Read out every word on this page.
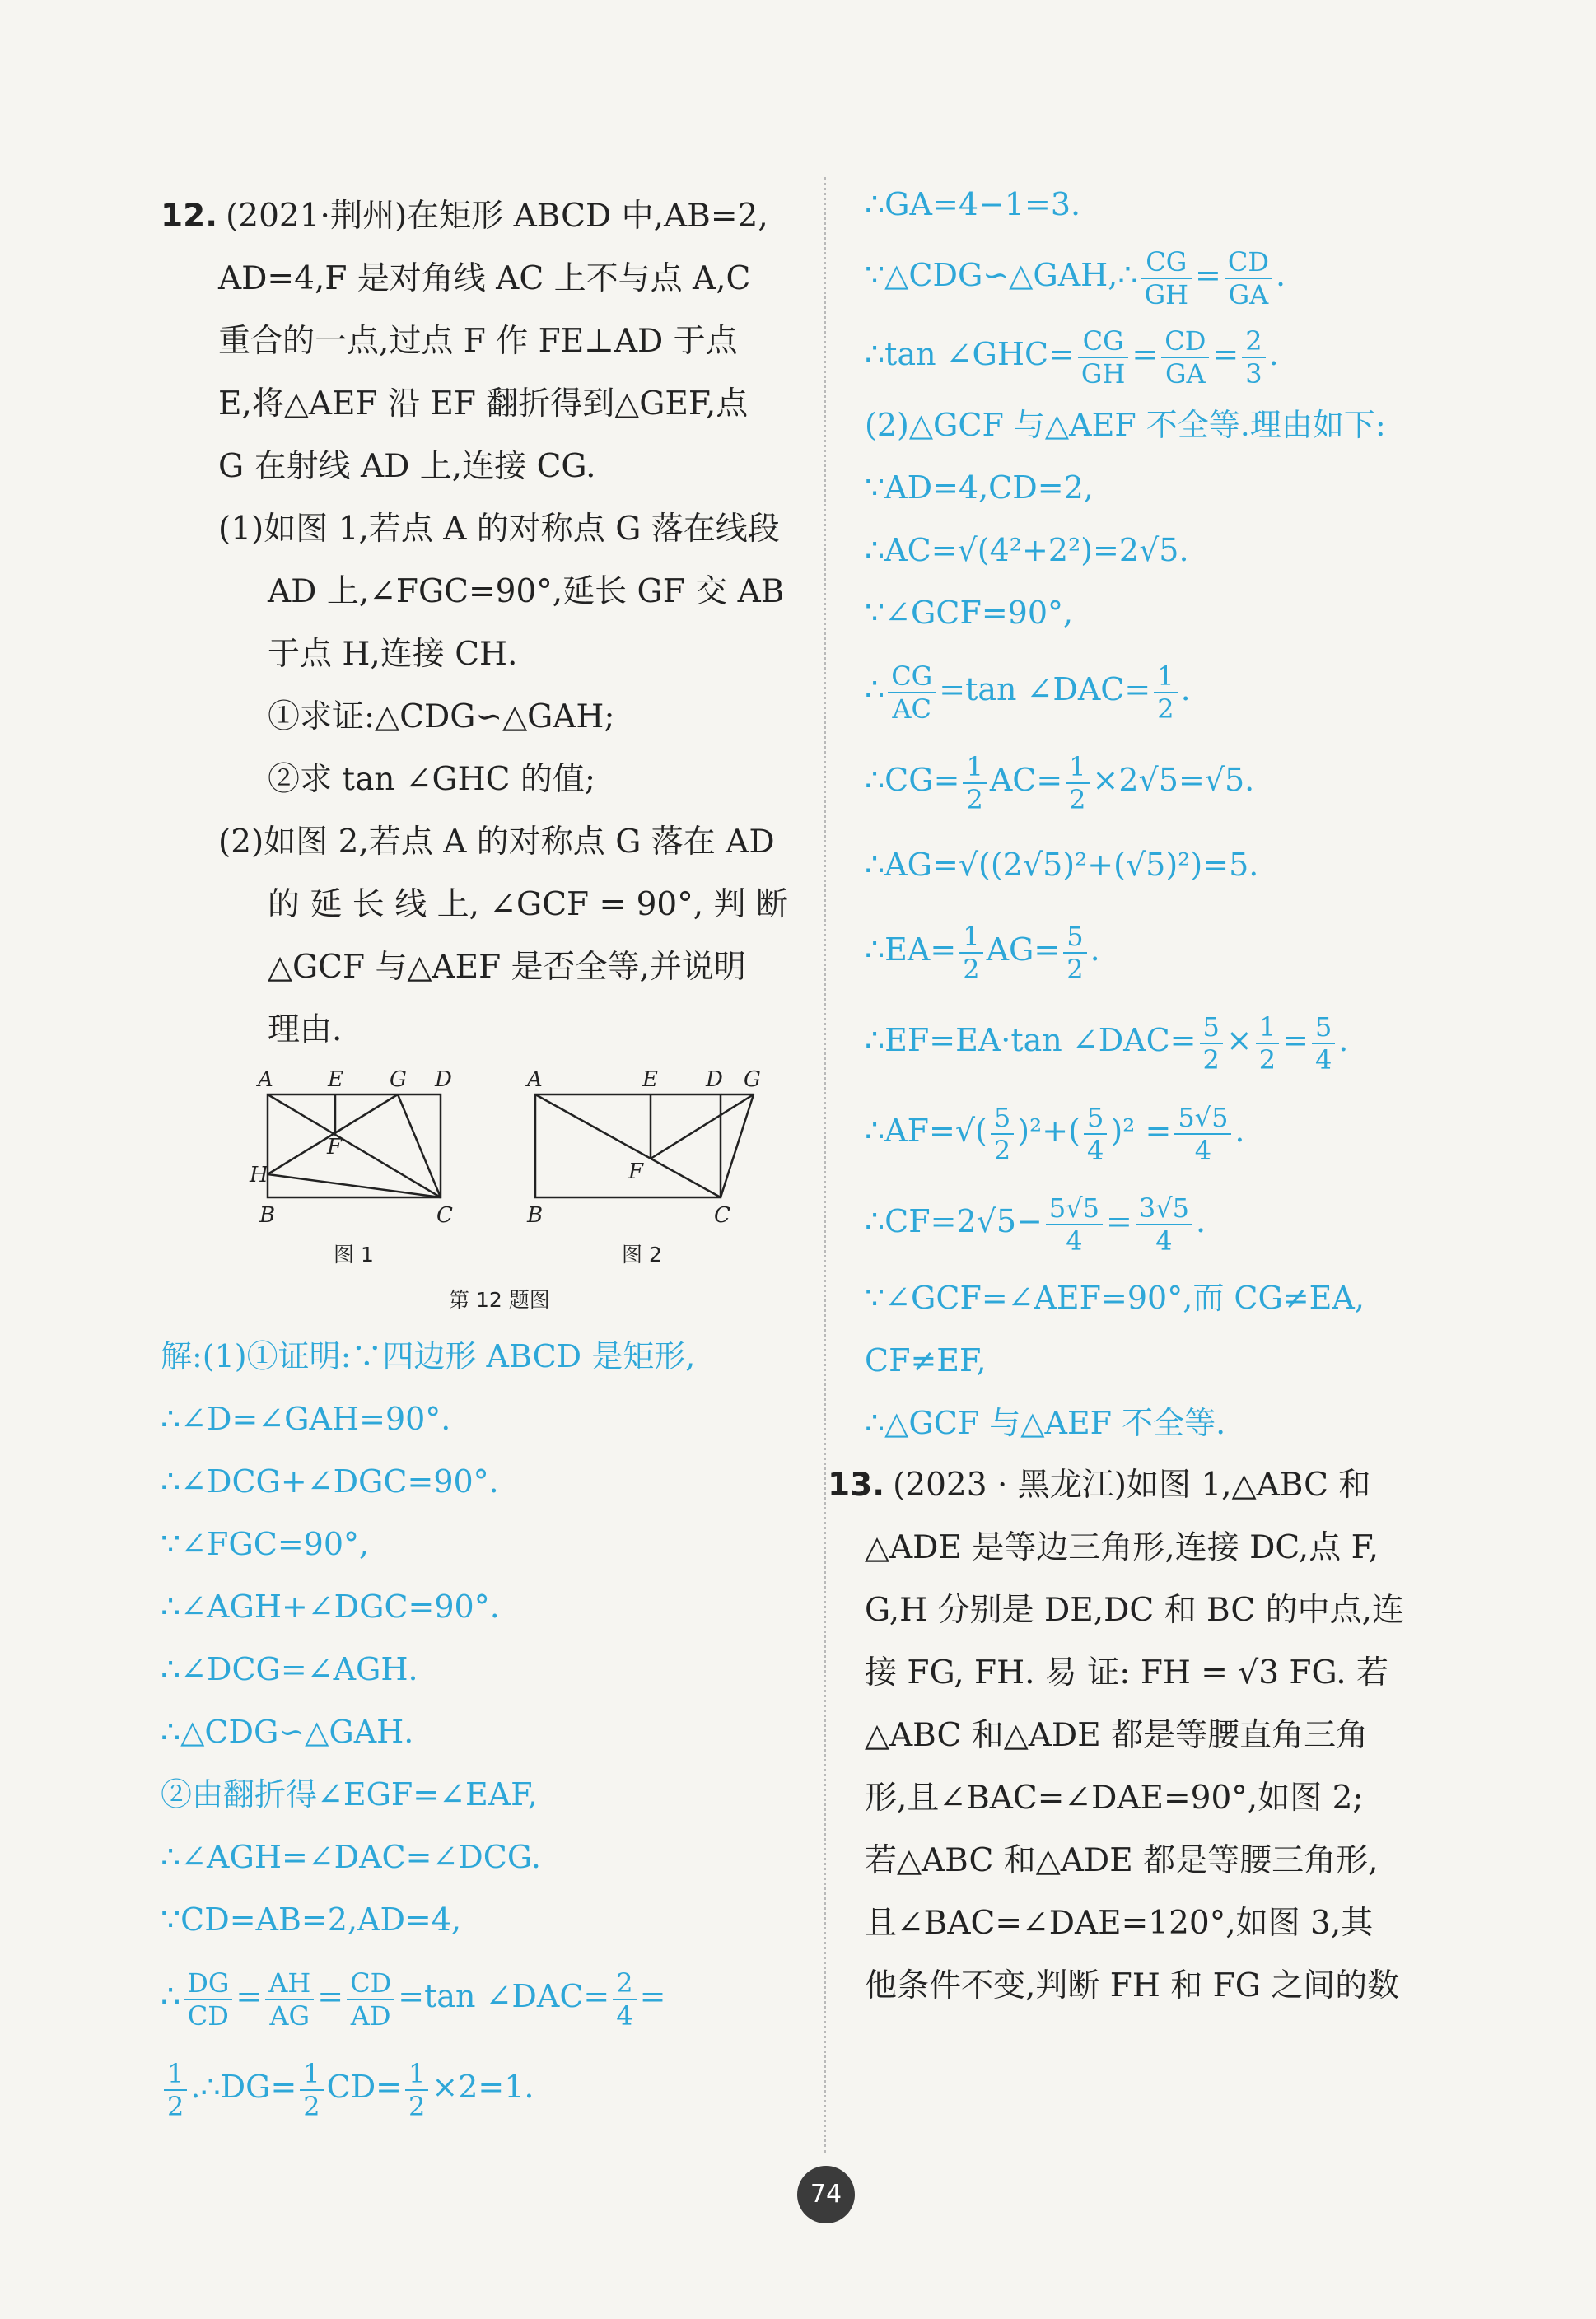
12. (2021·荆州)在矩形 ABCD 中,AB=2,
AD=4,F 是对角线 AC 上不与点 A,C
重合的一点,过点 F 作 FE⊥AD 于点
E,将△AEF 沿 EF 翻折得到△GEF,点
G 在射线 AD 上,连接 CG.
(1)如图 1,若点 A 的对称点 G 落在线段
AD 上,∠FGC=90°,延长 GF 交 AB
于点 H,连接 CH.
①求证:△CDG∽△GAH;
②求 tan ∠GHC 的值;
(2)如图 2,若点 A 的对称点 G 落在 AD
的 延 长 线 上, ∠GCF = 90°, 判 断
△GCF 与△AEF 是否全等,并说明
理由.
A	E G D
H
F
B	C
A	E D G
F
B	C
图 1	图 2
第 12 题图
解:(1)①证明:∵四边形 ABCD 是矩形,
∴∠D=∠GAH=90°.
∴∠DCG+∠DGC=90°.
∵∠FGC=90°,
∴∠AGH+∠DGC=90°.
∴∠DCG=∠AGH.
∴△CDG∽△GAH.
②由翻折得∠EGF=∠EAF,
∴∠AGH=∠DAC=∠DCG.
∵CD=AB=2,AD=4,
∴ $\frac{DG}{CD} = \frac{AH}{AG} = \frac{CD}{AD} =\tan$ ∠DAC= $\frac{2}{4}$ =
$\frac{1}{2}$ .∴DG= $\frac{1}{2} CD= \frac{1}{2} \times 2=1$.
∴GA=4−1=3.
∵△CDG∽△GAH,∴ $\frac{CG}{GH} = \frac{CD}{GA}$ .
∴tan ∠GHC= $\frac{CG}{GH} = \frac{CD}{GA} = \frac{2}{3}$ .
(2)△GCF 与△AEF 不全等.理由如下:
∵AD=4,CD=2,
∴AC=√(4²+2²)=2√5.
∵∠GCF=90°,
∴ $\frac{CG}{AC} =\tan$ ∠DAC= $\frac{1}{2}$ .
∴CG= $\frac{1}{2} AC= \frac{1}{2} \times 2√5=√5$.
∴AG=√((2√5)²+(√5)²)=5.
∴EA= $\frac{1}{2} AG= \frac{5}{2}$ .
∴EF=EA·tan ∠DAC= $\frac{5}{2} \times \frac{1}{2} = \frac{5}{4}$ .
∴AF=√( $\frac{5}{2} )^2+( \frac{5}{4} )^2 = \frac{5√5}{4}$ .
∴CF=2√5− $\frac{5√5}{4} = \frac{3√5}{4}$ .
∵∠GCF=∠AEF=90°,而 CG≠EA,
CF≠EF,
∴△GCF 与△AEF 不全等.
13. (2023 · 黑龙江)如图 1,△ABC 和
△ADE 是等边三角形,连接 DC,点 F,
G,H 分别是 DE,DC 和 BC 的中点,连
接 FG, FH. 易 证: FH = √3 FG. 若
△ABC 和△ADE 都是等腰直角三角
形,且∠BAC=∠DAE=90°,如图 2;
若△ABC 和△ADE 都是等腰三角形,
且∠BAC=∠DAE=120°,如图 3,其
他条件不变,判断 FH 和 FG 之间的数
74
